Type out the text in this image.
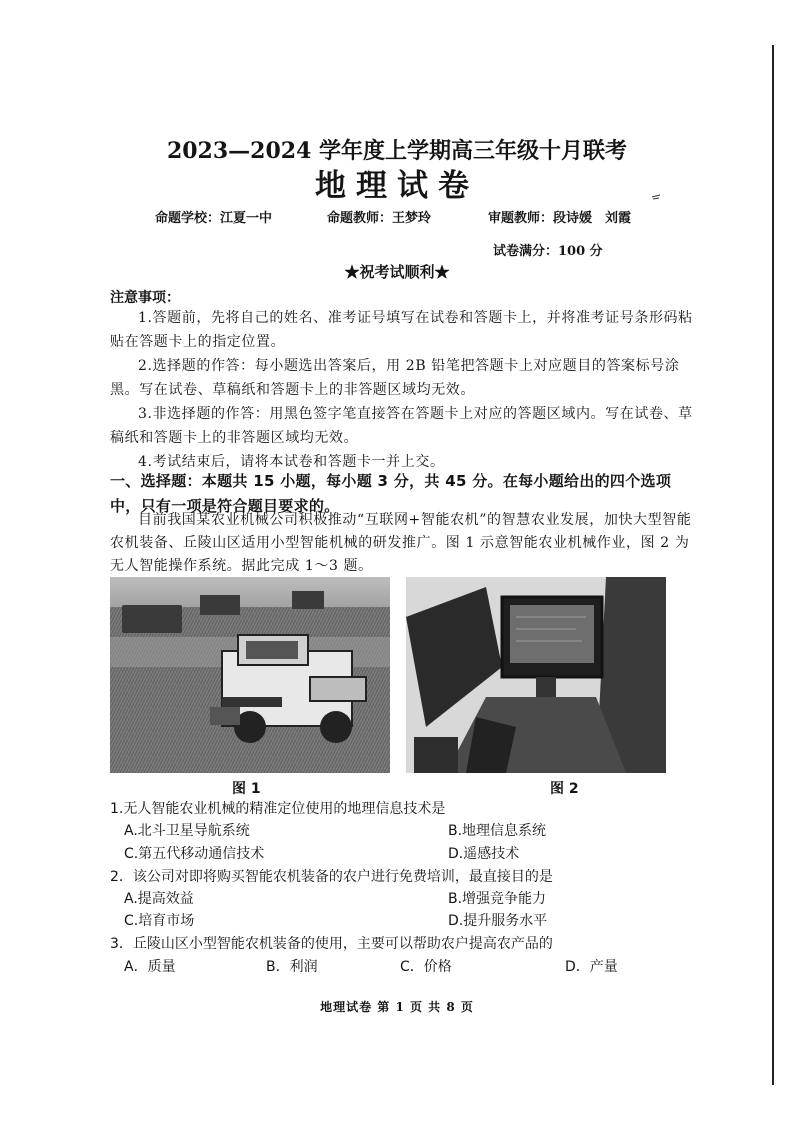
2023—2024 学年度上学期高三年级十月联考
地理试卷
命题学校：江夏一中	命题教师：王梦玲	审题教师：段诗媛　刘霞
试卷满分：100 分
★祝考试顺利★
注意事项：
1.答题前，先将自己的姓名、准考证号填写在试卷和答题卡上，并将准考证号条形码粘贴在答题卡上的指定位置。
2.选择题的作答：每小题选出答案后，用 2B 铅笔把答题卡上对应题目的答案标号涂黑。写在试卷、草稿纸和答题卡上的非答题区域均无效。
3.非选择题的作答：用黑色签字笔直接答在答题卡上对应的答题区域内。写在试卷、草稿纸和答题卡上的非答题区域均无效。
4.考试结束后，请将本试卷和答题卡一并上交。
一、选择题：本题共 15 小题，每小题 3 分，共 45 分。在每小题给出的四个选项中，只有一项是符合题目要求的。
目前我国某农业机械公司积极推动“互联网+智能农机”的智慧农业发展，加快大型智能农机装备、丘陵山区适用小型智能机械的研发推广。图 1 示意智能农业机械作业，图 2 为无人智能操作系统。据此完成 1～3 题。
图 1	图 2
1.无人智能农业机械的精准定位使用的地理信息技术是
A.北斗卫星导航系统	B.地理信息系统
C.第五代移动通信技术	D.遥感技术
2．该公司对即将购买智能农机装备的农户进行免费培训，最直接目的是
A.提高效益	B.增强竞争能力
C.培育市场	D.提升服务水平
3．丘陵山区小型智能农机装备的使用，主要可以帮助农户提高农产品的
A．质量	B．利润	C．价格	D．产量
地理试卷 第 1 页 共 8 页
